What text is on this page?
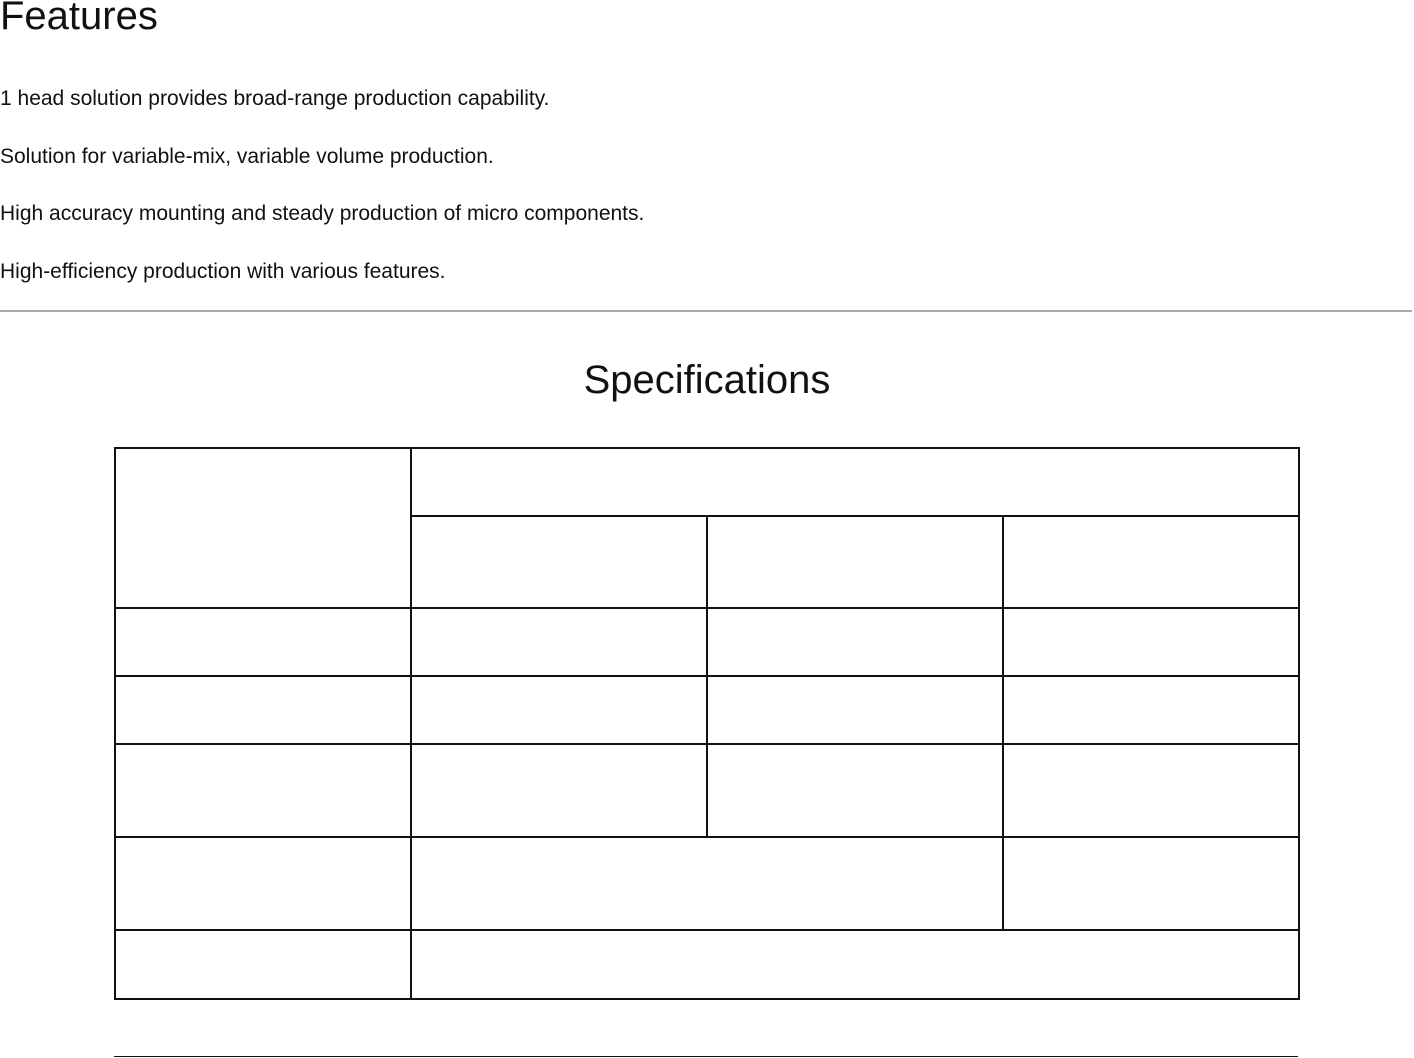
Features
1 head solution provides broad-range production capability.
Solution for variable-mix, variable volume production.
High accuracy mounting and steady production of micro components.
High-efficiency production with various features.
Specifications
